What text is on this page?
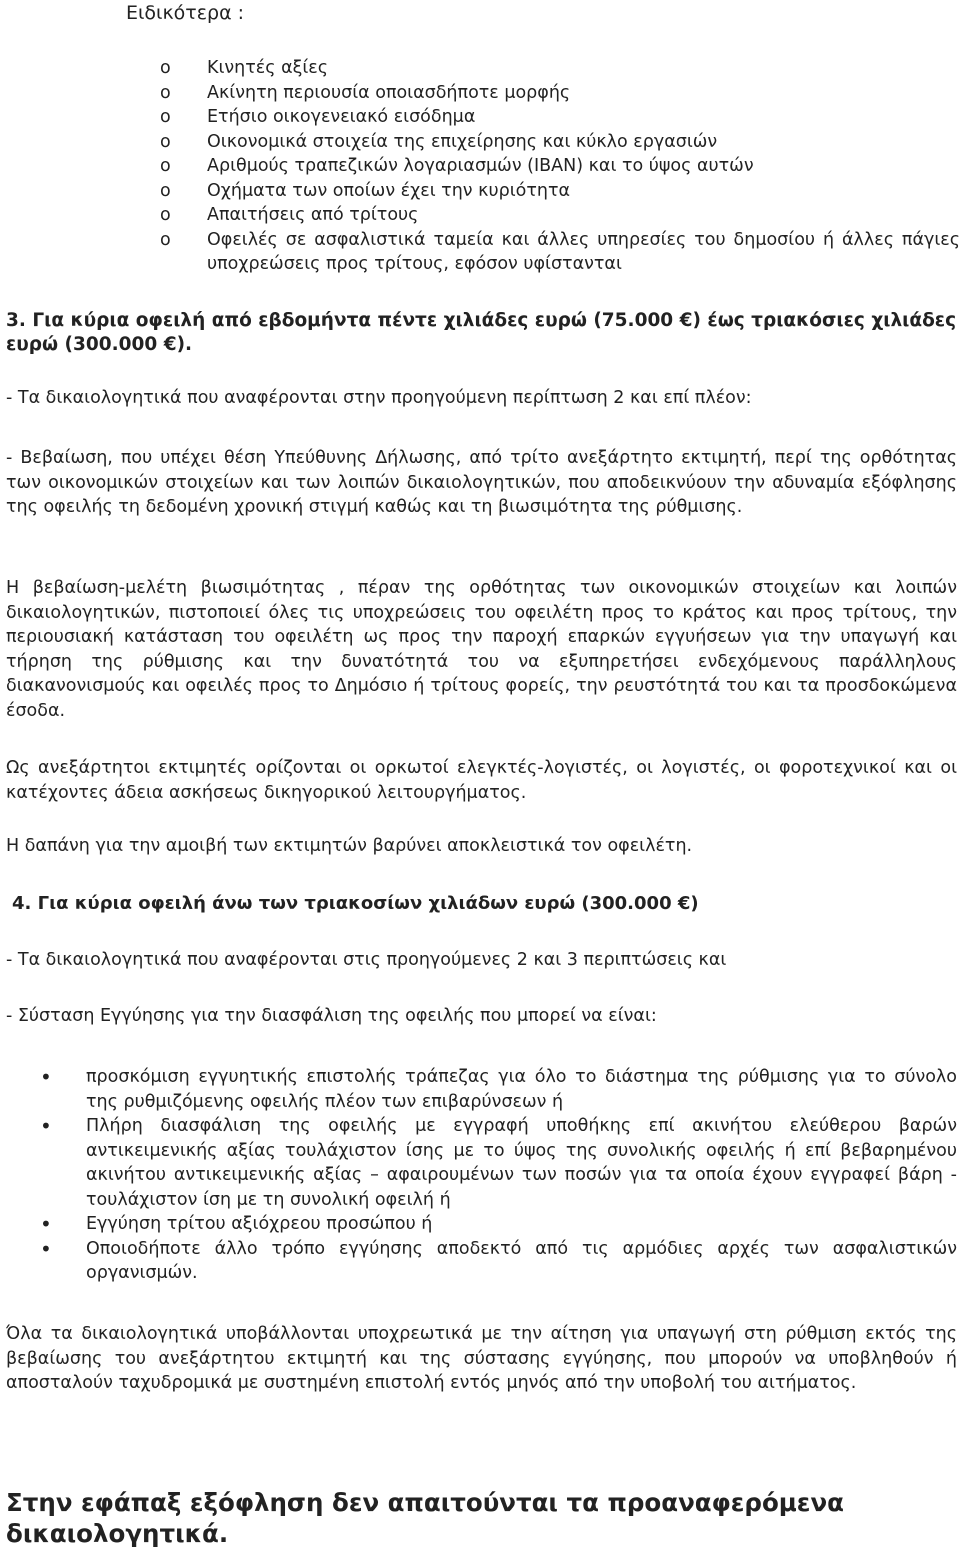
Ειδικότερα :
o Κινητές αξίες
o Ακίνητη περιουσία οποιασδήποτε μορφής
o Ετήσιο οικογενειακό εισόδημα
o Οικονομικά στοιχεία της επιχείρησης και κύκλο εργασιών
o Αριθμούς τραπεζικών λογαριασμών (IBAN) και το ύψος αυτών
o Οχήματα των οποίων έχει την κυριότητα
o Απαιτήσεις από τρίτους
o Οφειλές σε ασφαλιστικά ταμεία και άλλες υπηρεσίες του δημοσίου ή άλλες πάγιες υποχρεώσεις προς τρίτους, εφόσον υφίστανται

3. Για κύρια οφειλή από εβδομήντα πέντε χιλιάδες ευρώ (75.000 €) έως τριακόσιες χιλιάδες ευρώ (300.000 €).

- Τα δικαιολογητικά που αναφέρονται στην προηγούμενη περίπτωση 2 και επί πλέον:

- Βεβαίωση, που υπέχει θέση Υπεύθυνης Δήλωσης, από τρίτο ανεξάρτητο εκτιμητή, περί της ορθότητας των οικονομικών στοιχείων και των λοιπών δικαιολογητικών, που αποδεικνύουν την αδυναμία εξόφλησης της οφειλής τη δεδομένη χρονική στιγμή καθώς και τη βιωσιμότητα της ρύθμισης.

Η βεβαίωση-μελέτη βιωσιμότητας , πέραν της ορθότητας των οικονομικών στοιχείων και λοιπών δικαιολογητικών, πιστοποιεί όλες τις υποχρεώσεις του οφειλέτη προς το κράτος και προς τρίτους, την περιουσιακή κατάσταση του οφειλέτη ως προς την παροχή επαρκών εγγυήσεων για την υπαγωγή και τήρηση της ρύθμισης και την δυνατότητά του να εξυπηρετήσει ενδεχόμενους παράλληλους διακανονισμούς και οφειλές προς το Δημόσιο ή τρίτους φορείς, την ρευστότητά του και τα προσδοκώμενα έσοδα.

Ως ανεξάρτητοι εκτιμητές ορίζονται οι ορκωτοί ελεγκτές-λογιστές, οι λογιστές, οι φοροτεχνικοί και οι κατέχοντες άδεια ασκήσεως δικηγορικού λειτουργήματος.

Η δαπάνη για την αμοιβή των εκτιμητών βαρύνει αποκλειστικά τον οφειλέτη.

4. Για κύρια οφειλή άνω των τριακοσίων χιλιάδων ευρώ (300.000 €)

- Τα δικαιολογητικά που αναφέρονται στις προηγούμενες 2 και 3 περιπτώσεις και

- Σύσταση Εγγύησης για την διασφάλιση της οφειλής που μπορεί να είναι:

• προσκόμιση εγγυητικής επιστολής τράπεζας για όλο το διάστημα της ρύθμισης για το σύνολο της ρυθμιζόμενης οφειλής πλέον των επιβαρύνσεων ή
• Πλήρη διασφάλιση της οφειλής με εγγραφή υποθήκης επί ακινήτου ελεύθερου βαρών αντικειμενικής αξίας τουλάχιστον ίσης με το ύψος της συνολικής οφειλής ή επί βεβαρημένου ακινήτου αντικειμενικής αξίας – αφαιρουμένων των ποσών για τα οποία έχουν εγγραφεί βάρη - τουλάχιστον ίση με τη συνολική οφειλή ή
• Εγγύηση τρίτου αξιόχρεου προσώπου ή
• Οποιοδήποτε άλλο τρόπο εγγύησης αποδεκτό από τις αρμόδιες αρχές των ασφαλιστικών οργανισμών.

Όλα τα δικαιολογητικά υποβάλλονται υποχρεωτικά με την αίτηση για υπαγωγή στη ρύθμιση εκτός της βεβαίωσης του ανεξάρτητου εκτιμητή και της σύστασης εγγύησης, που μπορούν να υποβληθούν ή αποσταλούν ταχυδρομικά με συστημένη επιστολή εντός μηνός από την υποβολή του αιτήματος.

Στην εφάπαξ εξόφληση δεν απαιτούνται τα προαναφερόμενα δικαιολογητικά.
